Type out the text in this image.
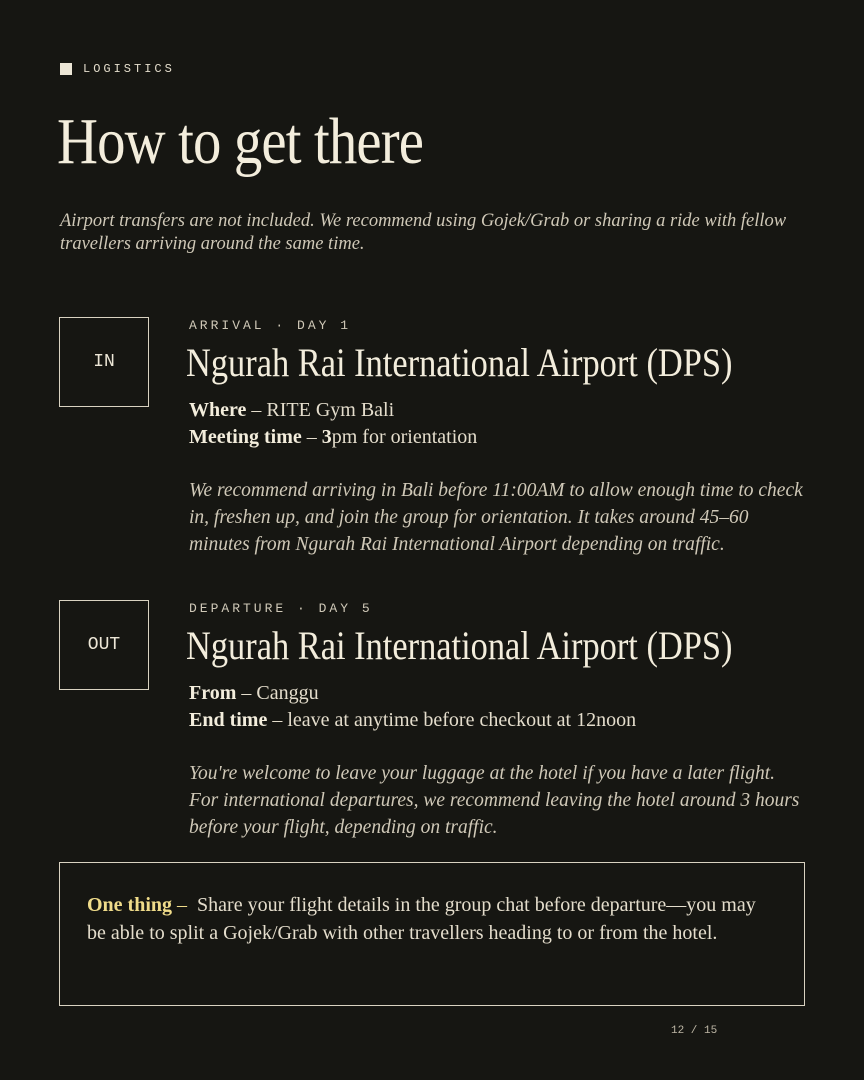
LOGISTICS
How to get there

Airport transfers are not included. We recommend using Gojek/Grab or sharing a ride with fellow travellers arriving around the same time.

IN
ARRIVAL · DAY 1
Ngurah Rai International Airport (DPS)
Where – RITE Gym Bali
Meeting time – 3pm for orientation

We recommend arriving in Bali before 11:00AM to allow enough time to check in, freshen up, and join the group for orientation. It takes around 45–60 minutes from Ngurah Rai International Airport depending on traffic.

OUT
DEPARTURE · DAY 5
Ngurah Rai International Airport (DPS)
From – Canggu
End time – leave at anytime before checkout at 12noon

You're welcome to leave your luggage at the hotel if you have a later flight. For international departures, we recommend leaving the hotel around 3 hours before your flight, depending on traffic.

One thing –  Share your flight details in the group chat before departure—you may be able to split a Gojek/Grab with other travellers heading to or from the hotel.
12 / 15
